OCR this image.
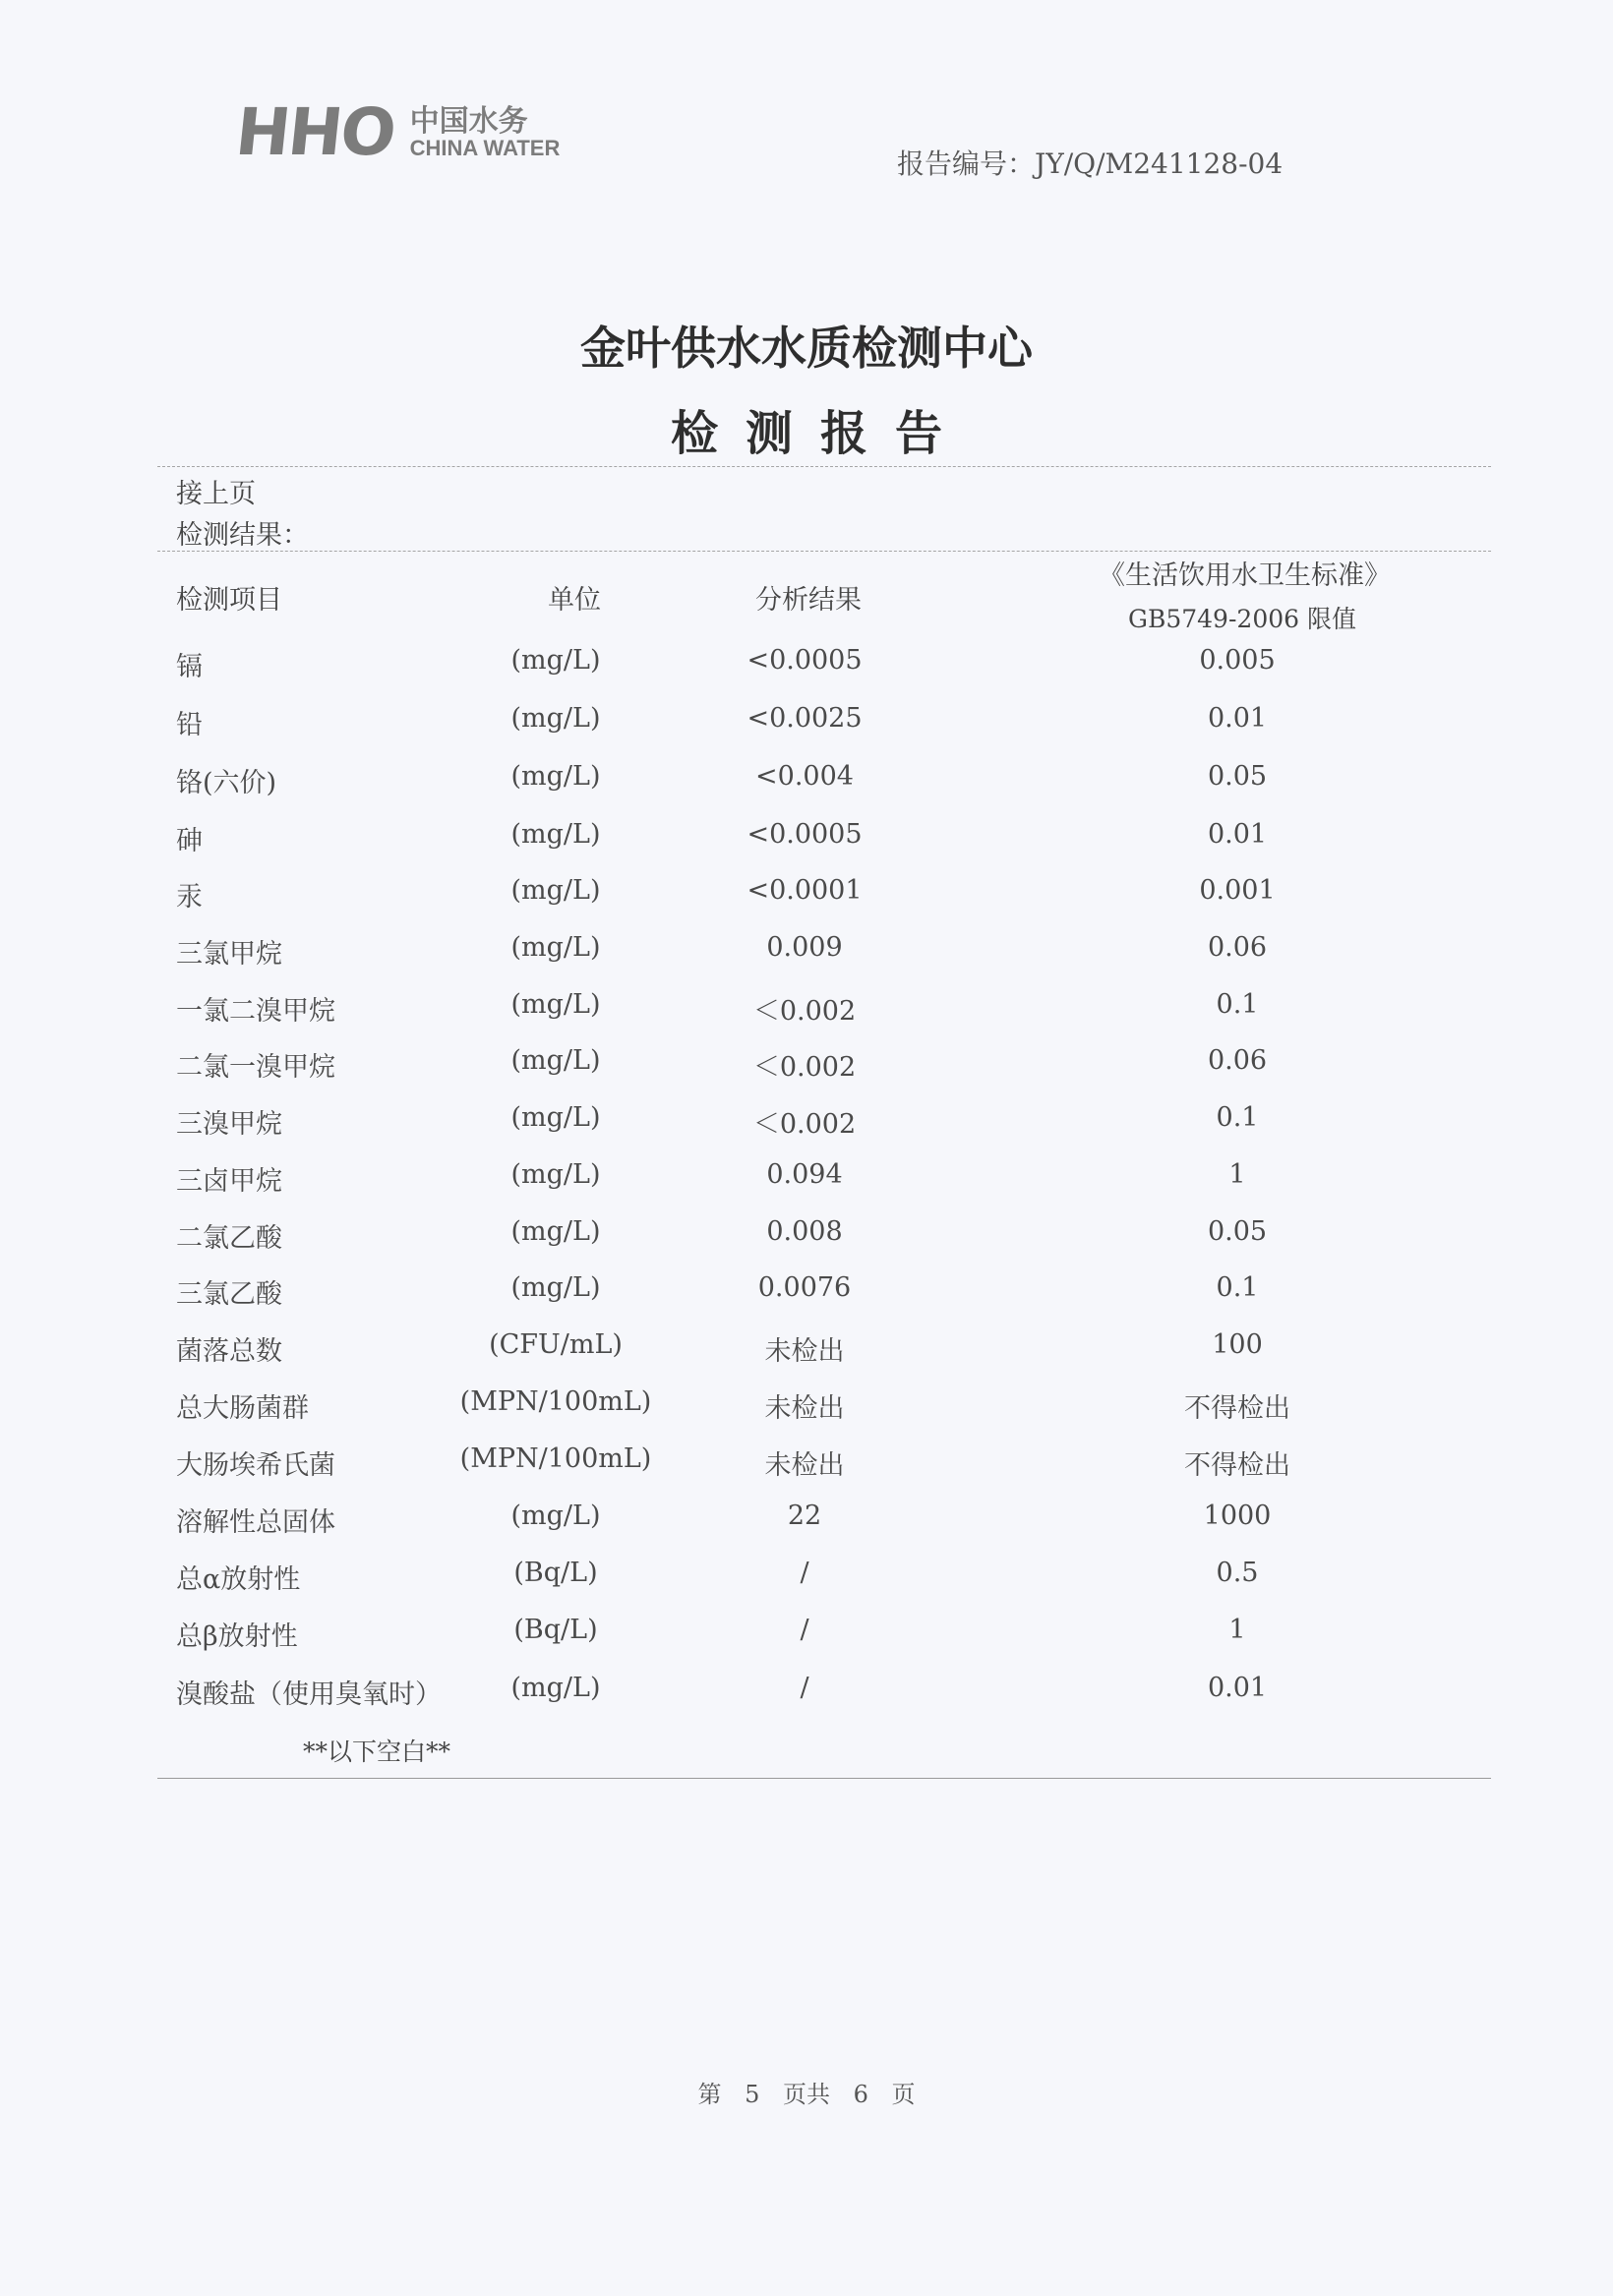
HHO 中国水务
CHINA WATER	报告编号：JY/Q/M241128-04
金叶供水水质检测中心
检测报告
接上页
检测结果：
检测项目	单位	分析结果
《生活饮用水卫生标准》
GB5749-2006 限值
镉	(mg/L)	<0.0005	0.005
铅	(mg/L)	<0.0025	0.01
铬(六价)	(mg/L)	<0.004	0.05
砷	(mg/L)	<0.0005	0.01
汞	(mg/L)	<0.0001	0.001
三氯甲烷	(mg/L)	0.009	0.06
一氯二溴甲烷	(mg/L)	＜0.002	0.1
二氯一溴甲烷	(mg/L)	＜0.002	0.06
三溴甲烷	(mg/L)	＜0.002	0.1
三卤甲烷	(mg/L)	0.094	1
二氯乙酸	(mg/L)	0.008	0.05
三氯乙酸	(mg/L)	0.0076	0.1
菌落总数	(CFU/mL)	未检出	100
总大肠菌群	(MPN/100mL)	未检出	不得检出
大肠埃希氏菌	(MPN/100mL)	未检出	不得检出
溶解性总固体	(mg/L)	22	1000
总α放射性	(Bq/L)	/	0.5
总β放射性	(Bq/L)	/	1
溴酸盐（使用臭氧时）	(mg/L)	/	0.01
**以下空白**
第 5 页共 6 页
